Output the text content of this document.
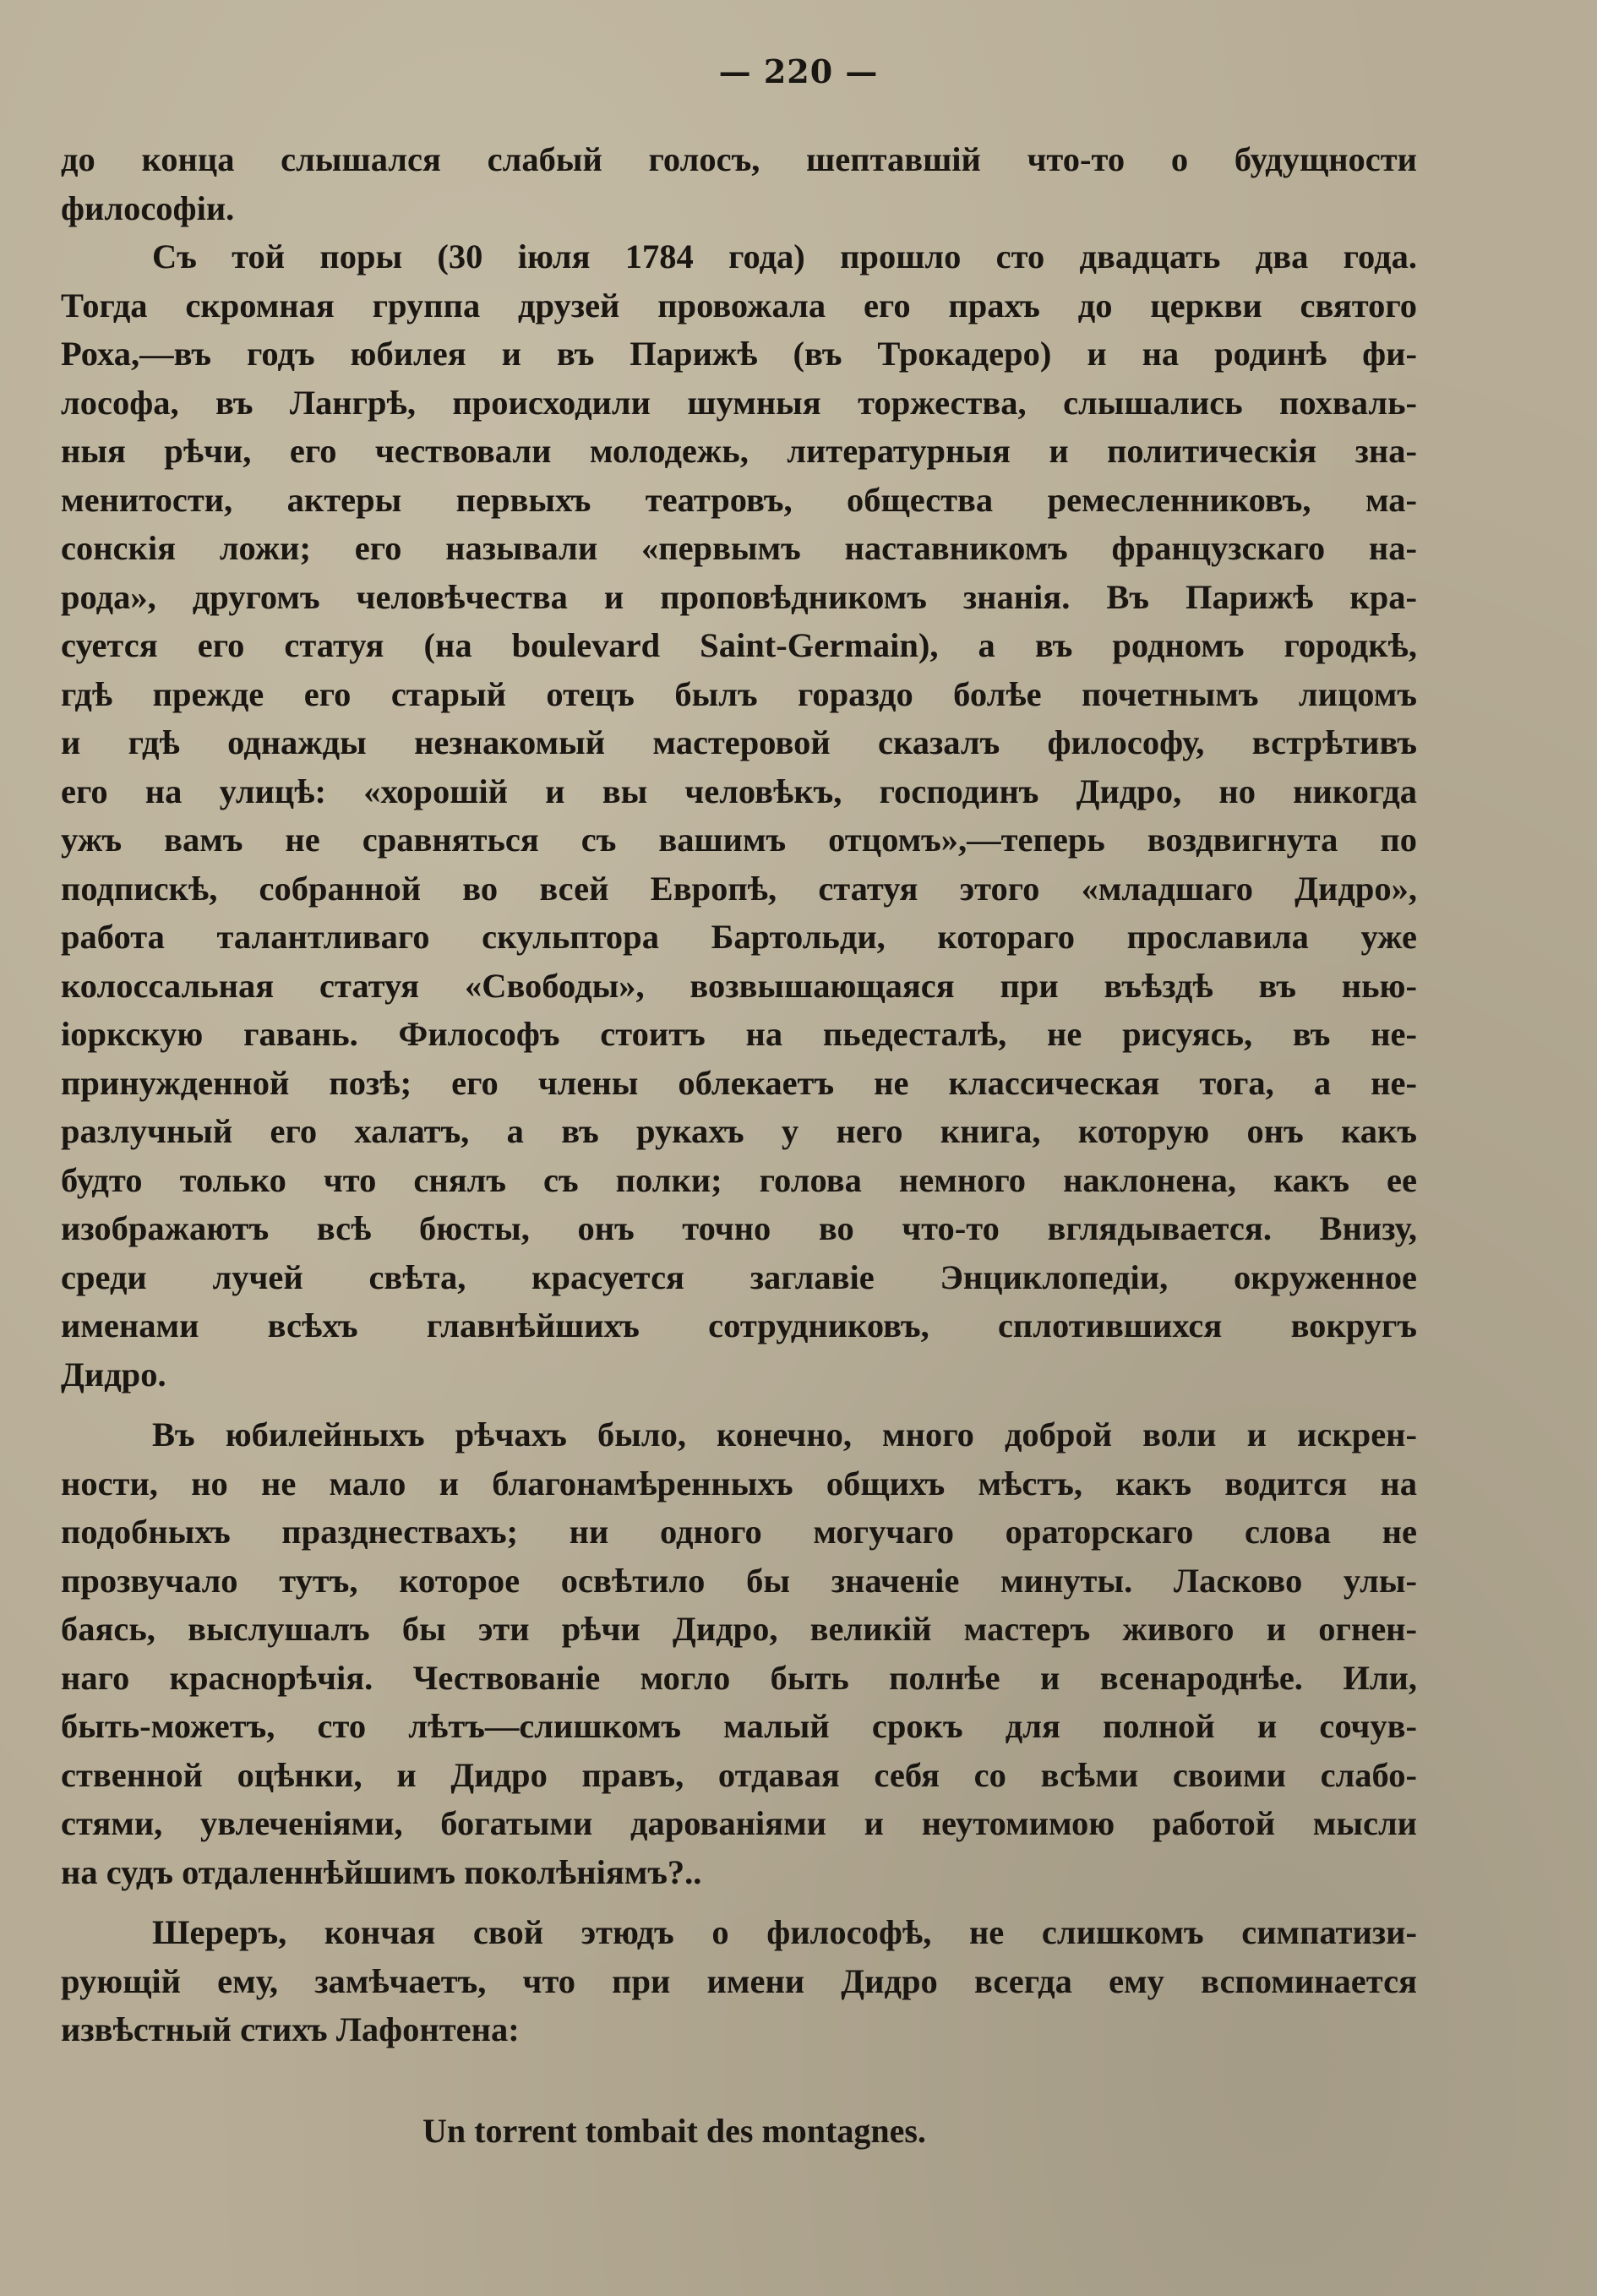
— 220 —
до конца слышался слабый голосъ, шептавшій что-то о будущности
философіи.
Съ той поры (30 іюля 1784 года) прошло сто двадцать два года.
Тогда скромная группа друзей провожала его прахъ до церкви святого
Роха,—въ годъ юбилея и въ Парижѣ (въ Трокадеро) и на родинѣ фи-
лософа, въ Лангрѣ, происходили шумныя торжества, слышались похваль-
ныя рѣчи, его чествовали молодежь, литературныя и политическія зна-
менитости, актеры первыхъ театровъ, общества ремесленниковъ, ма-
сонскія ложи; его называли «первымъ наставникомъ французскаго на-
рода», другомъ человѣчества и проповѣдникомъ знанія. Въ Парижѣ кра-
суется его статуя (на boulevard Saint-Germain), а въ родномъ городкѣ,
гдѣ прежде его старый отецъ былъ гораздо болѣе почетнымъ лицомъ
и гдѣ однажды незнакомый мастеровой сказалъ философу, встрѣтивъ
его на улицѣ: «хорошій и вы человѣкъ, господинъ Дидро, но никогда
ужъ вамъ не сравняться съ вашимъ отцомъ»,—теперь воздвигнута по
подпискѣ, собранной во всей Европѣ, статуя этого «младшаго Дидро»,
работа талантливаго скульптора Бартольди, котораго прославила уже
колоссальная статуя «Свободы», возвышающаяся при въѣздѣ въ нью-
іоркскую гавань. Философъ стоитъ на пьедесталѣ, не рисуясь, въ не-
принужденной позѣ; его члены облекаетъ не классическая тога, а не-
разлучный его халатъ, а въ рукахъ у него книга, которую онъ какъ
будто только что снялъ съ полки; голова немного наклонена, какъ ее
изображаютъ всѣ бюсты, онъ точно во что-то вглядывается. Внизу,
среди лучей свѣта, красуется заглавіе Энциклопедіи, окруженное
именами всѣхъ главнѣйшихъ сотрудниковъ, сплотившихся вокругъ
Дидро.
Въ юбилейныхъ рѣчахъ было, конечно, много доброй воли и искрен-
ности, но не мало и благонамѣренныхъ общихъ мѣстъ, какъ водится на
подобныхъ празднествахъ; ни одного могучаго ораторскаго слова не
прозвучало тутъ, которое освѣтило бы значеніе минуты. Ласково улы-
баясь, выслушалъ бы эти рѣчи Дидро, великій мастеръ живого и огнен-
наго краснорѣчія. Чествованіе могло быть полнѣе и всенароднѣе. Или,
быть-можетъ, сто лѣтъ—слишкомъ малый срокъ для полной и сочув-
ственной оцѣнки, и Дидро правъ, отдавая себя со всѣми своими слабо-
стями, увлеченіями, богатыми дарованіями и неутомимою работой мысли
на судъ отдаленнѣйшимъ поколѣніямъ?..
Шереръ, кончая свой этюдъ о философѣ, не слишкомъ симпатизи-
рующій ему, замѣчаетъ, что при имени Дидро всегда ему вспоминается
извѣстный стихъ Лафонтена:
Un torrent tombait des montagnes.
